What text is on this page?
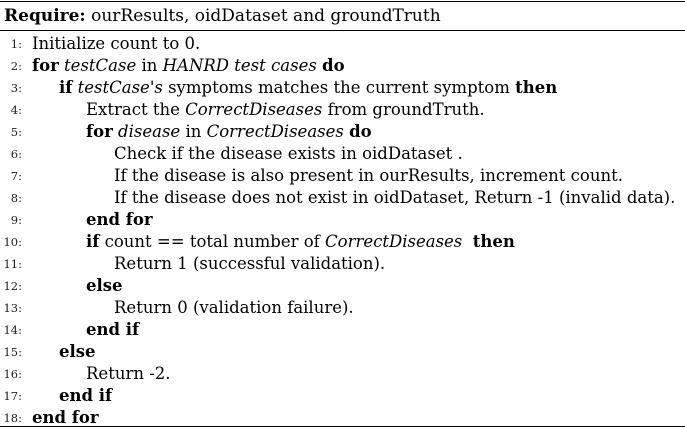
Require: ourResults, oidDataset and groundTruth
1: Initialize count to 0.
2: for testCase in HANRD test cases do
3:	if testCase's symptoms matches the current symptom then
4:	Extract the CorrectDiseases from groundTruth.
5:	for disease in CorrectDiseases do
6:	Check if the disease exists in oidDataset .
7:	If the disease is also present in ourResults, increment count.
8:	If the disease does not exist in oidDataset, Return -1 (invalid data).
9:	end for
10:	if count == total number of CorrectDiseases then
11:	Return 1 (successful validation).
12:	else
13:	Return 0 (validation failure).
14:	end if
15:	else
16:	Return -2.
17:	end if
18: end for
